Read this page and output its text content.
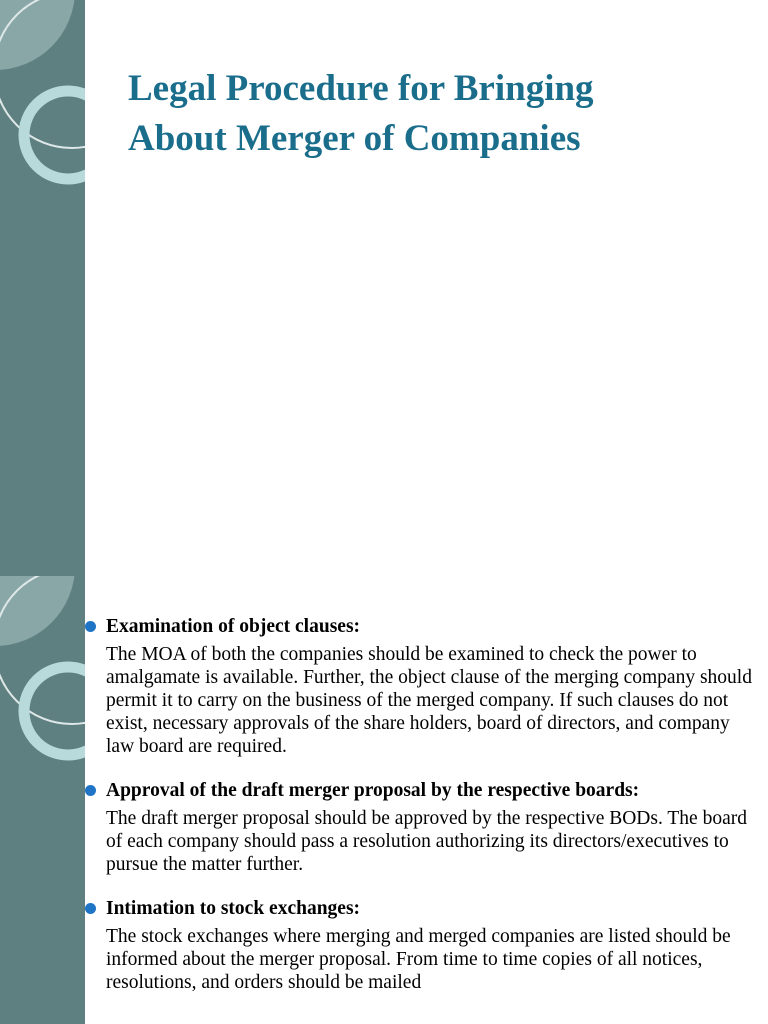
Legal Procedure for Bringing
About Merger of Companies

Examination of object clauses:

The MOA of both the companies should be examined to check the power to amalgamate is available. Further, the object clause of the merging company should permit it to carry on the business of the merged company. If such clauses do not exist, necessary approvals of the share holders, board of directors, and company law board are required.

Approval of the draft merger proposal by the respective boards:

The draft merger proposal should be approved by the respective BODs. The board of each company should pass a resolution authorizing its directors/executives to pursue the matter further.

Intimation to stock exchanges:

The stock exchanges where merging and merged companies are listed should be informed about the merger proposal. From time to time copies of all notices, resolutions, and orders should be mailed
